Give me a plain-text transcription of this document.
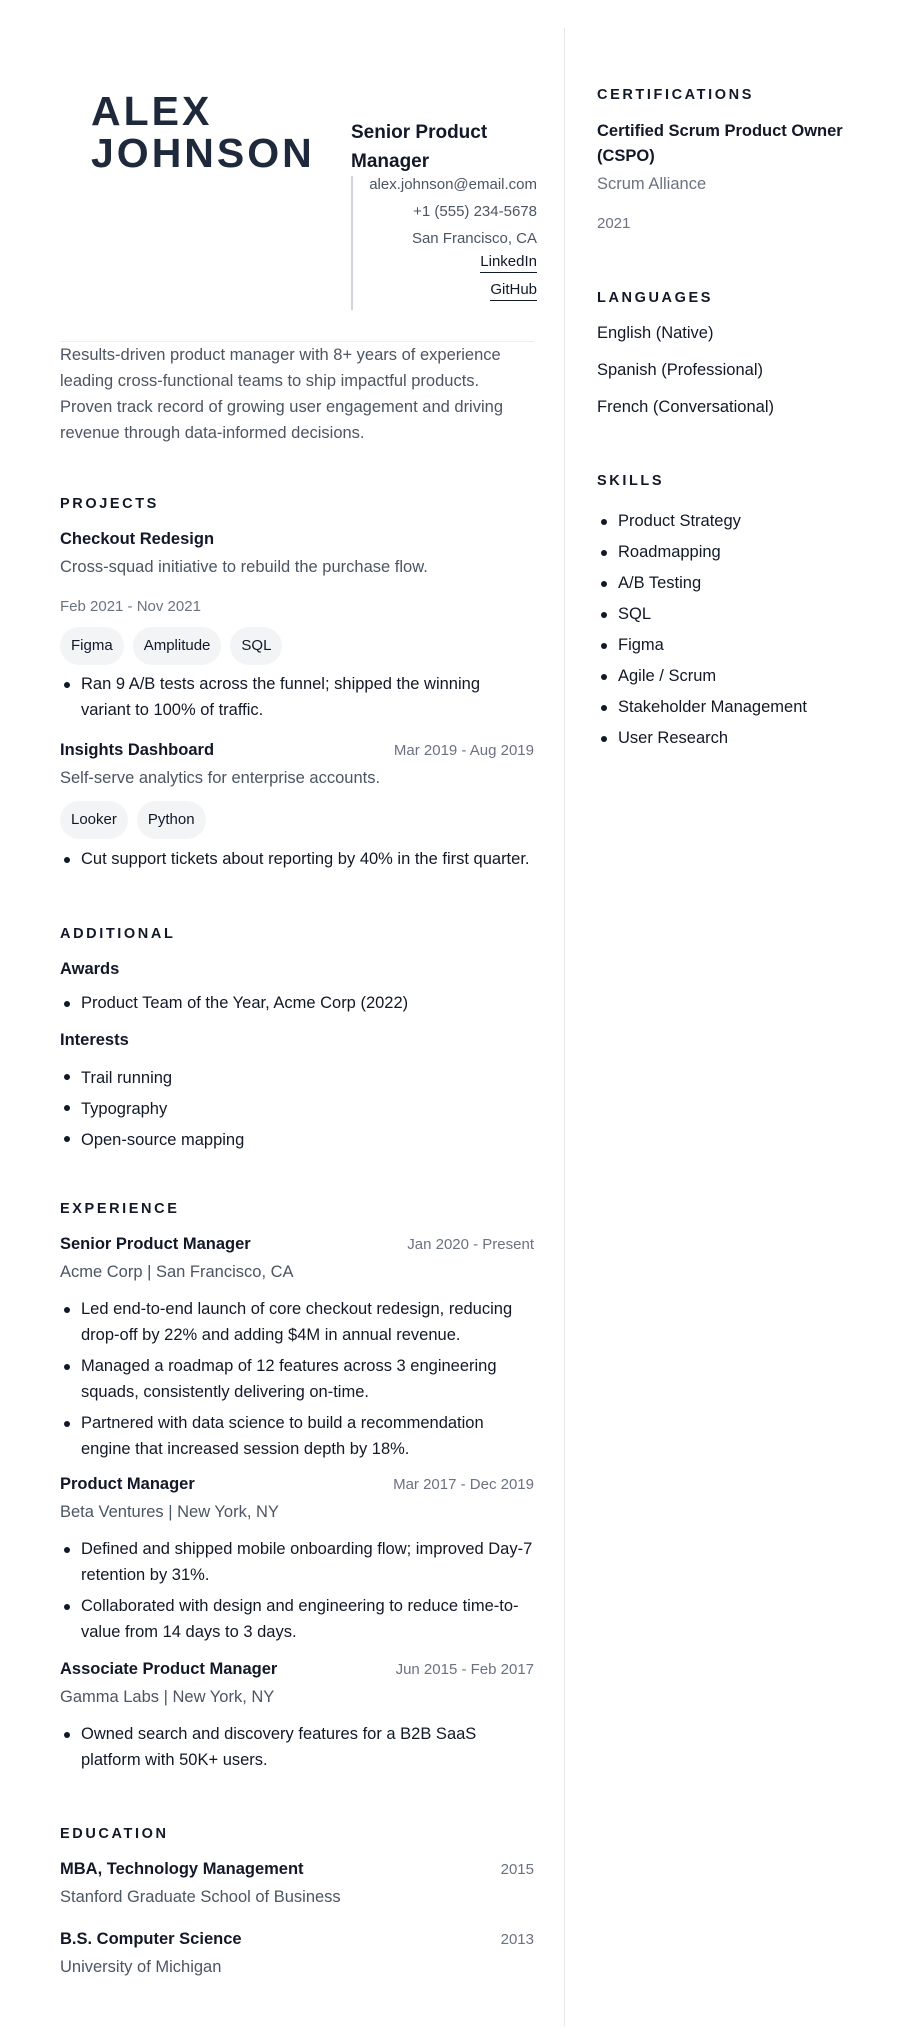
ALEX
JOHNSON	Senior Product Manager
alex.johnson@email.com
+1 (555) 234-5678
San Francisco, CA
LinkedIn
GitHub
Results-driven product manager with 8+ years of experience leading cross-functional teams to ship impactful products. Proven track record of growing user engagement and driving revenue through data-informed decisions.
PROJECTS
Checkout Redesign
Cross-squad initiative to rebuild the purchase flow.
Feb 2021 - Nov 2021
Figma	Amplitude	SQL
Ran 9 A/B tests across the funnel; shipped the winning variant to 100% of traffic.
Insights Dashboard	Mar 2019 - Aug 2019
Self-serve analytics for enterprise accounts.
Looker	Python
Cut support tickets about reporting by 40% in the first quarter.
ADDITIONAL
Awards
Product Team of the Year, Acme Corp (2022)
Interests
Trail running
Typography
Open-source mapping
EXPERIENCE
Senior Product Manager	Jan 2020 - Present
Acme Corp | San Francisco, CA
Led end-to-end launch of core checkout redesign, reducing drop-off by 22% and adding $4M in annual revenue.
Managed a roadmap of 12 features across 3 engineering squads, consistently delivering on-time.
Partnered with data science to build a recommendation engine that increased session depth by 18%.
Product Manager	Mar 2017 - Dec 2019
Beta Ventures | New York, NY
Defined and shipped mobile onboarding flow; improved Day-7 retention by 31%.
Collaborated with design and engineering to reduce time-to-value from 14 days to 3 days.
Associate Product Manager	Jun 2015 - Feb 2017
Gamma Labs | New York, NY
Owned search and discovery features for a B2B SaaS platform with 50K+ users.
EDUCATION
MBA, Technology Management	2015
Stanford Graduate School of Business
B.S. Computer Science	2013
University of Michigan
CERTIFICATIONS
Certified Scrum Product Owner (CSPO)
Scrum Alliance
2021
LANGUAGES
English (Native)
Spanish (Professional)
French (Conversational)
SKILLS
Product Strategy
Roadmapping
A/B Testing
SQL
Figma
Agile / Scrum
Stakeholder Management
User Research
